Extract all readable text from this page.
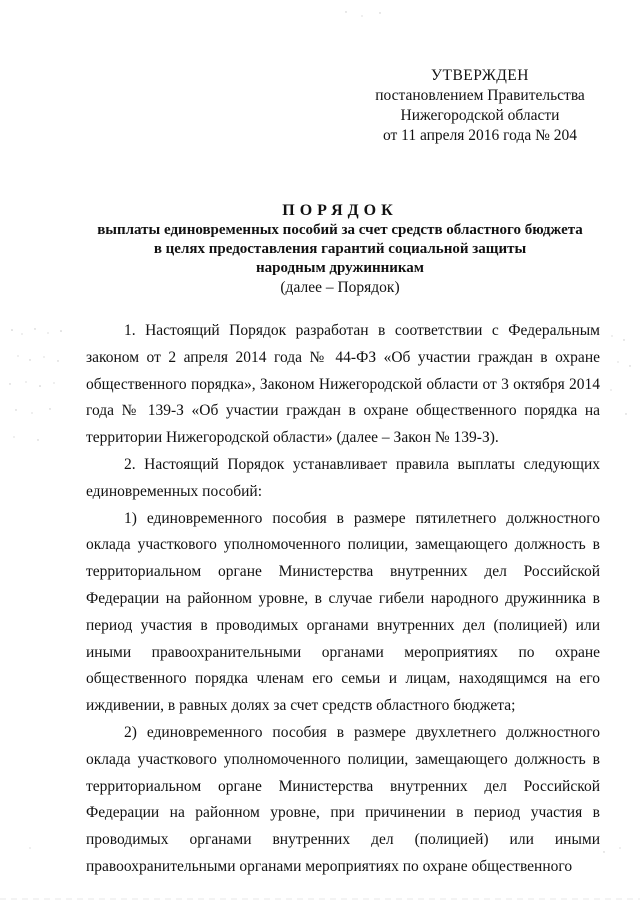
УТВЕРЖДЕН
постановлением Правительства
Нижегородской области
от 11 апреля 2016 года № 204
ПОРЯДОК
выплаты единовременных пособий за счет средств областного бюджета
в целях предоставления гарантий социальной защиты
народным дружинникам
(далее – Порядок)

1. Настоящий Порядок разработан в соответствии с Федеральным законом от 2 апреля 2014 года № 44-ФЗ «Об участии граждан в охране общественного порядка», Законом Нижегородской области от 3 октября 2014 года № 139-З «Об участии граждан в охране общественного порядка на территории Нижегородской области» (далее – Закон № 139-З).

2. Настоящий Порядок устанавливает правила выплаты следующих единовременных пособий:

1) единовременного пособия в размере пятилетнего должностного оклада участкового уполномоченного полиции, замещающего должность в территориальном органе Министерства внутренних дел Российской Федерации на районном уровне, в случае гибели народного дружинника в период участия в проводимых органами внутренних дел (полицией) или иными правоохранительными органами мероприятиях по охране общественного порядка членам его семьи и лицам, находящимся на его иждивении, в равных долях за счет средств областного бюджета;

2) единовременного пособия в размере двухлетнего должностного оклада участкового уполномоченного полиции, замещающего должность в территориальном органе Министерства внутренних дел Российской Федерации на районном уровне, при причинении в период участия в проводимых органами внутренних дел (полицией) или иными правоохранительными органами мероприятиях по охране общественного
